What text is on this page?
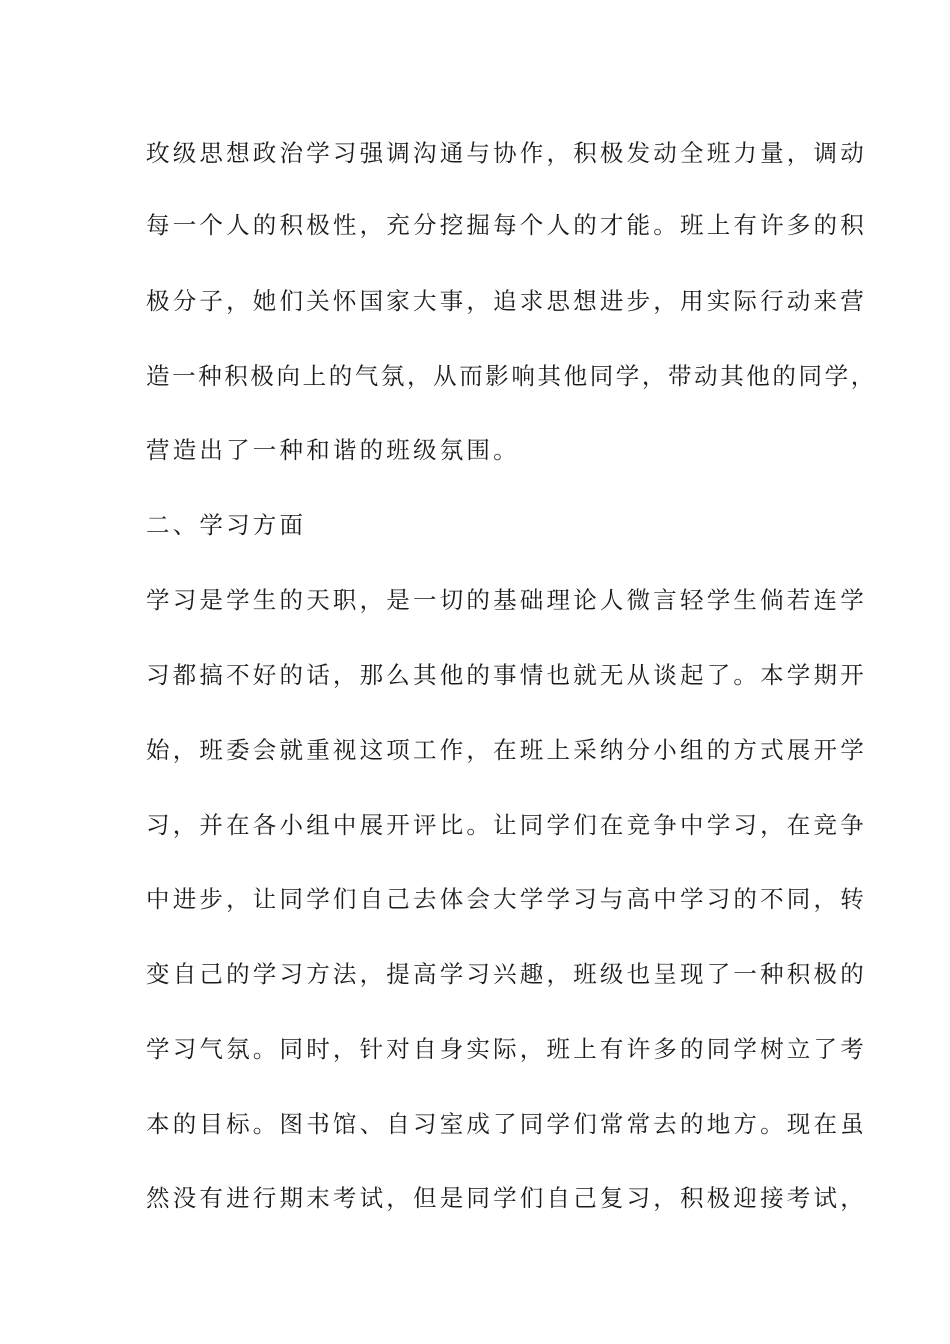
玫级思想政治学习强调沟通与协作，积极发动全班力量，调动

每一个人的积极性，充分挖掘每个人的才能。班上有许多的积

极分子，她们关怀国家大事，追求思想进步，用实际行动来营

造一种积极向上的气氛，从而影响其他同学，带动其他的同学，

营造出了一种和谐的班级氛围。

二、学习方面

学习是学生的天职，是一切的基础理论人微言轻学生倘若连学

习都搞不好的话，那么其他的事情也就无从谈起了。本学期开

始，班委会就重视这项工作，在班上采纳分小组的方式展开学

习，并在各小组中展开评比。让同学们在竞争中学习，在竞争

中进步，让同学们自己去体会大学学习与高中学习的不同，转

变自己的学习方法，提高学习兴趣，班级也呈现了一种积极的

学习气氛。同时，针对自身实际，班上有许多的同学树立了考

本的目标。图书馆、自习室成了同学们常常去的地方。现在虽

然没有进行期末考试，但是同学们自己复习，积极迎接考试，
